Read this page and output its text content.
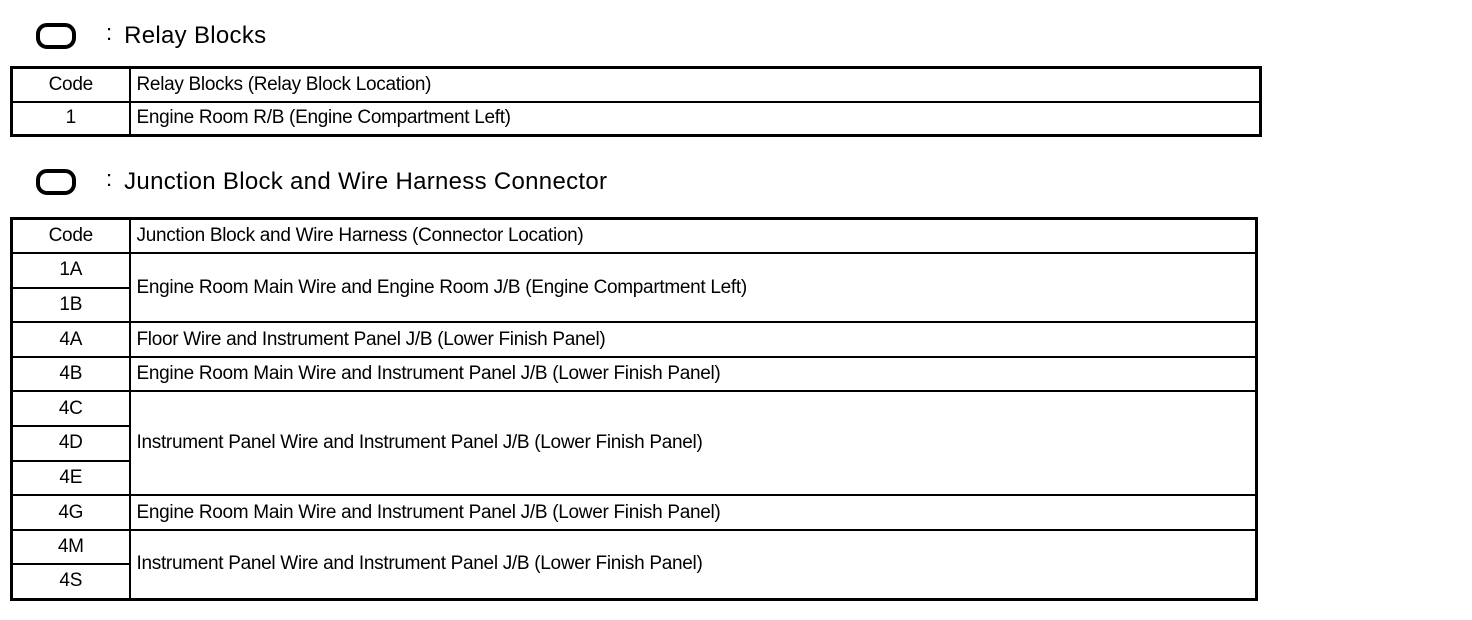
: Relay Blocks
Code	Relay Blocks (Relay Block Location)
1	Engine Room R/B (Engine Compartment Left)
: Junction Block and Wire Harness Connector
Code	Junction Block and Wire Harness (Connector Location)
1A	Engine Room Main Wire and Engine Room J/B (Engine Compartment Left)
1B	
4A	Floor Wire and Instrument Panel J/B (Lower Finish Panel)
4B	Engine Room Main Wire and Instrument Panel J/B (Lower Finish Panel)
4C	Instrument Panel Wire and Instrument Panel J/B (Lower Finish Panel)
4D	
4E	
4G	Engine Room Main Wire and Instrument Panel J/B (Lower Finish Panel)
4M	Instrument Panel Wire and Instrument Panel J/B (Lower Finish Panel)
4S	
